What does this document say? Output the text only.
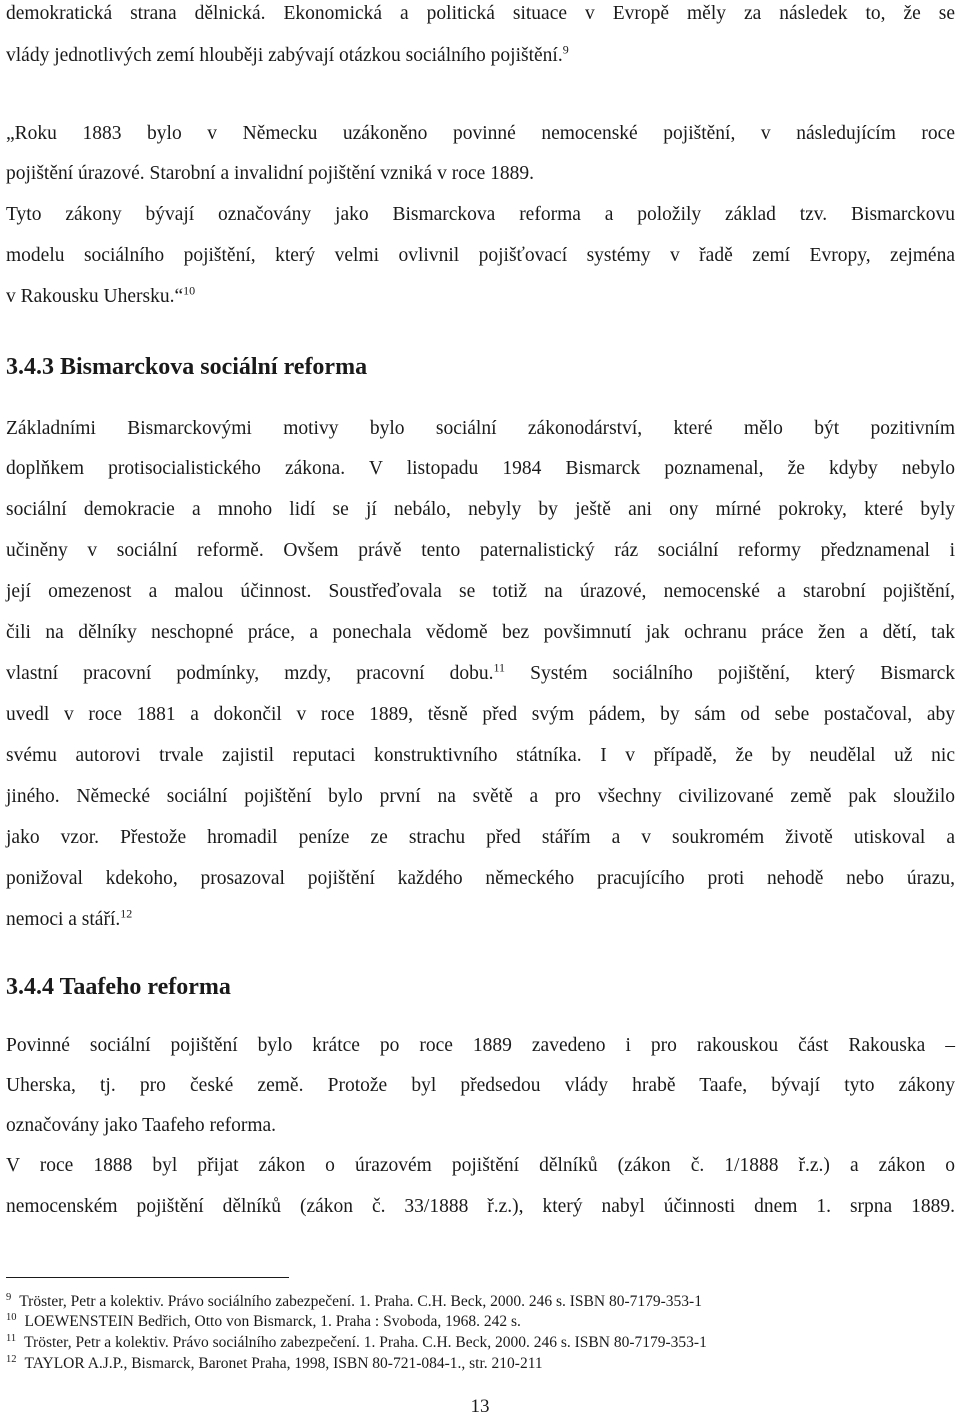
demokratická strana dělnická. Ekonomická a politická situace v Evropě měly za následek to, že se
vlády jednotlivých zemí hlouběji zabývají otázkou sociálního pojištění.$^9$
„Roku 1883 bylo v Německu uzákoněno povinné nemocenské pojištění, v následujícím roce
pojištění úrazové. Starobní a invalidní pojištění vzniká v roce 1889.
Tyto zákony bývají označovány jako Bismarckova reforma a položily základ tzv. Bismarckovu
modelu sociálního pojištění, který velmi ovlivnil pojišťovací systémy v řadě zemí Evropy, zejména
v Rakousku Uhersku.“$^{10}$
3.4.3 Bismarckova sociální reforma
Základními Bismarckovými motivy bylo sociální zákonodárství, které mělo být pozitivním
doplňkem protisocialistického zákona. V listopadu 1984 Bismarck poznamenal, že kdyby nebylo
sociální demokracie a mnoho lidí se jí nebálo, nebyly by ještě ani ony mírné pokroky, které byly
učiněny v sociální reformě. Ovšem právě tento paternalistický ráz sociální reformy předznamenal i
její omezenost a malou účinnost. Soustřeďovala se totiž na úrazové, nemocenské a starobní pojištění,
čili na dělníky neschopné práce, a ponechala vědomě bez povšimnutí jak ochranu práce žen a dětí, tak
vlastní pracovní podmínky, mzdy, pracovní dobu.$^{11}$ Systém sociálního pojištění, který Bismarck
uvedl v roce 1881 a dokončil v roce 1889, těsně před svým pádem, by sám od sebe postačoval, aby
svému autorovi trvale zajistil reputaci konstruktivního státníka. I v případě, že by neudělal už nic
jiného. Německé sociální pojištění bylo první na světě a pro všechny civilizované země pak sloužilo
jako vzor. Přestože hromadil peníze ze strachu před stářím a v soukromém životě utiskoval a
ponižoval kdekoho, prosazoval pojištění každého německého pracujícího proti nehodě nebo úrazu,
nemoci a stáří.$^{12}$
3.4.4 Taafeho reforma
Povinné sociální pojištění bylo krátce po roce 1889 zavedeno i pro rakouskou část Rakouska –
Uherska, tj. pro české země. Protože byl předsedou vlády hrabě Taafe, bývají tyto zákony
označovány jako Taafeho reforma.
V roce 1888 byl přijat zákon o úrazovém pojištění dělníků (zákon č. 1/1888 ř.z.) a zákon o
nemocenském pojištění dělníků (zákon č. 33/1888 ř.z.), který nabyl účinnosti dnem 1. srpna 1889.
9 Tröster, Petr a kolektiv. Právo sociálního zabezpečení. 1. Praha. C.H. Beck, 2000. 246 s. ISBN 80-7179-353-1
10 LOEWENSTEIN Bedřich, Otto von Bismarck, 1. Praha : Svoboda, 1968. 242 s.
11 Tröster, Petr a kolektiv. Právo sociálního zabezpečení. 1. Praha. C.H. Beck, 2000. 246 s. ISBN 80-7179-353-1
12 TAYLOR A.J.P., Bismarck, Baronet Praha, 1998, ISBN 80-721-084-1., str. 210-211
13
